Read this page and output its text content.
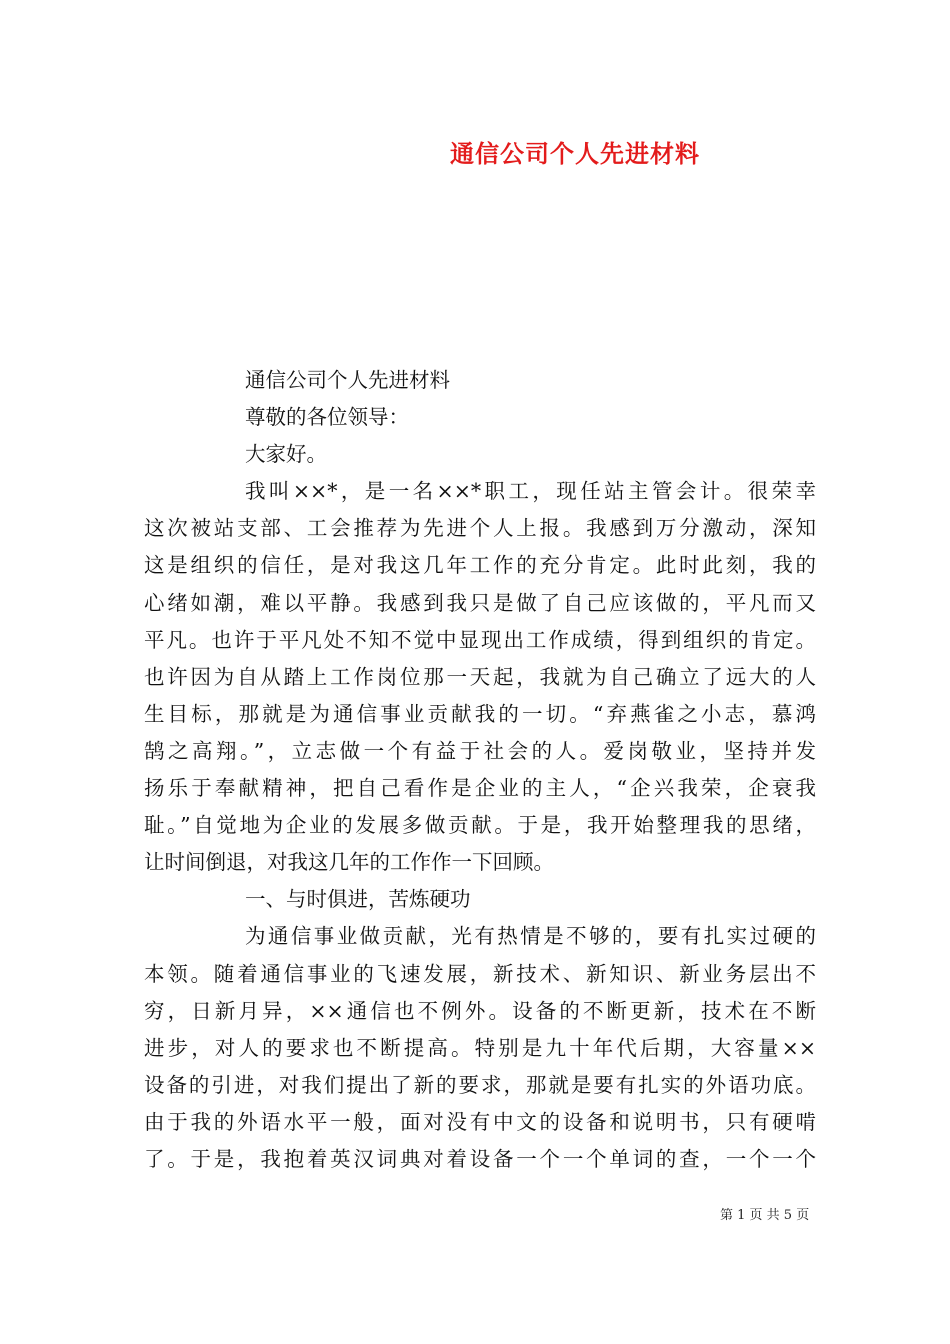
通信公司个人先进材料
通信公司个人先进材料
尊敬的各位领导：
大家好。
我叫××*，是一名××*职工，现任站主管会计。很荣幸
这次被站支部、工会推荐为先进个人上报。我感到万分激动，深知
这是组织的信任，是对我这几年工作的充分肯定。此时此刻，我的
心绪如潮，难以平静。我感到我只是做了自己应该做的，平凡而又
平凡。也许于平凡处不知不觉中显现出工作成绩，得到组织的肯定。
也许因为自从踏上工作岗位那一天起，我就为自己确立了远大的人
生目标，那就是为通信事业贡献我的一切。“弃燕雀之小志，慕鸿
鹄之高翔。”，立志做一个有益于社会的人。爱岗敬业，坚持并发
扬乐于奉献精神，把自己看作是企业的主人，“企兴我荣，企衰我
耻。”自觉地为企业的发展多做贡献。于是，我开始整理我的思绪，
让时间倒退，对我这几年的工作作一下回顾。
一、与时俱进，苦炼硬功
为通信事业做贡献，光有热情是不够的，要有扎实过硬的
本领。随着通信事业的飞速发展，新技术、新知识、新业务层出不
穷，日新月异，××通信也不例外。设备的不断更新，技术在不断
进步，对人的要求也不断提高。特别是九十年代后期，大容量××
设备的引进，对我们提出了新的要求，那就是要有扎实的外语功底。
由于我的外语水平一般，面对没有中文的设备和说明书，只有硬啃
了。于是，我抱着英汉词典对着设备一个一个单词的查，一个一个
第 1 页 共 5 页
